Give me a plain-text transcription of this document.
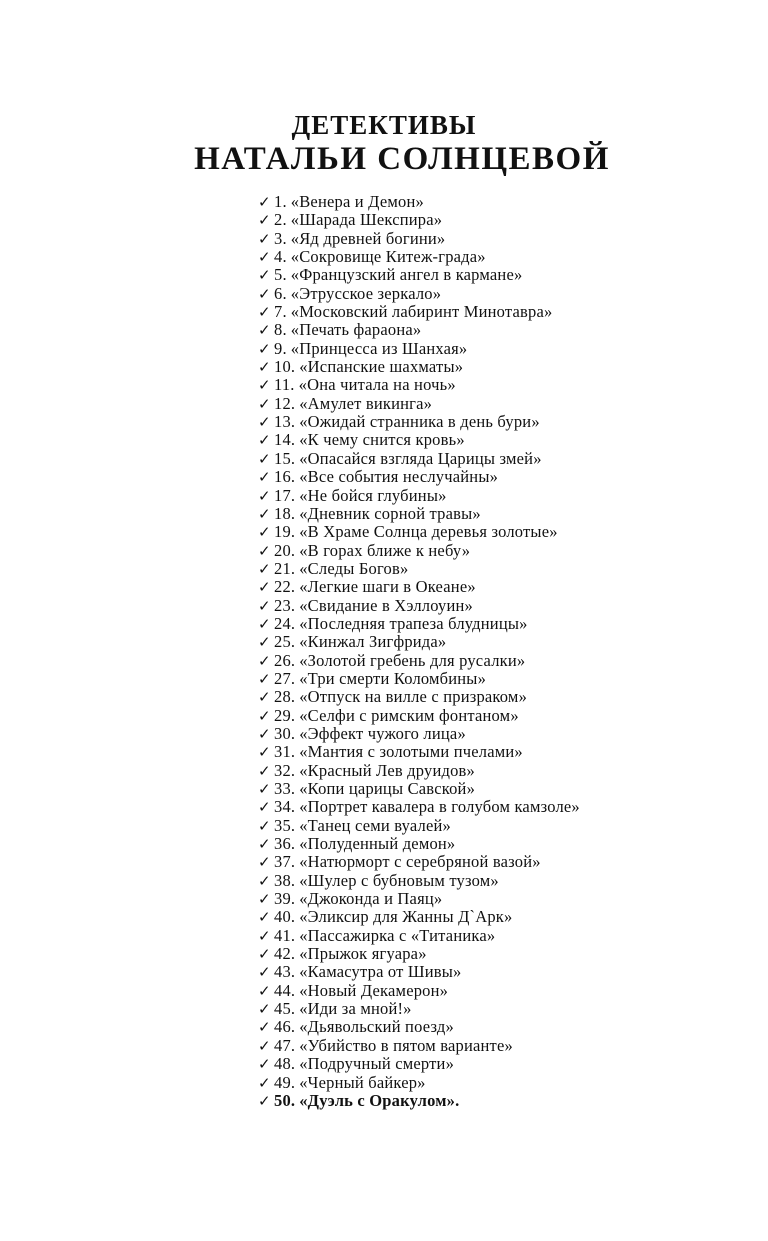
ДЕТЕКТИВЫ
НАТАЛЬИ СОЛНЦЕВОЙ
✓ 1. «Венера и Демон»
✓ 2. «Шарада Шекспира»
✓ 3. «Яд древней богини»
✓ 4. «Сокровище Китеж-града»
✓ 5. «Французский ангел в кармане»
✓ 6. «Этрусское зеркало»
✓ 7. «Московский лабиринт Минотавра»
✓ 8. «Печать фараона»
✓ 9. «Принцесса из Шанхая»
✓ 10. «Испанские шахматы»
✓ 11. «Она читала на ночь»
✓ 12. «Амулет викинга»
✓ 13. «Ожидай странника в день бури»
✓ 14. «К чему снится кровь»
✓ 15. «Опасайся взгляда Царицы змей»
✓ 16. «Все события неслучайны»
✓ 17. «Не бойся глубины»
✓ 18. «Дневник сорной травы»
✓ 19. «В Храме Солнца деревья золотые»
✓ 20. «В горах ближе к небу»
✓ 21. «Следы Богов»
✓ 22. «Легкие шаги в Океане»
✓ 23. «Свидание в Хэллоуин»
✓ 24. «Последняя трапеза блудницы»
✓ 25. «Кинжал Зигфрида»
✓ 26. «Золотой гребень для русалки»
✓ 27. «Три смерти Коломбины»
✓ 28. «Отпуск на вилле с призраком»
✓ 29. «Селфи с римским фонтаном»
✓ 30. «Эффект чужого лица»
✓ 31. «Мантия с золотыми пчелами»
✓ 32. «Красный Лев друидов»
✓ 33. «Копи царицы Савской»
✓ 34. «Портрет кавалера в голубом камзоле»
✓ 35. «Танец семи вуалей»
✓ 36. «Полуденный демон»
✓ 37. «Натюрморт с серебряной вазой»
✓ 38. «Шулер с бубновым тузом»
✓ 39. «Джоконда и Паяц»
✓ 40. «Эликсир для Жанны Д`Арк»
✓ 41. «Пассажирка с «Титаника»
✓ 42. «Прыжок ягуара»
✓ 43. «Камасутра от Шивы»
✓ 44. «Новый Декамерон»
✓ 45. «Иди за мной!»
✓ 46. «Дьявольский поезд»
✓ 47. «Убийство в пятом варианте»
✓ 48. «Подручный смерти»
✓ 49. «Черный байкер»
✓ 50. «Дуэль с Оракулом».
